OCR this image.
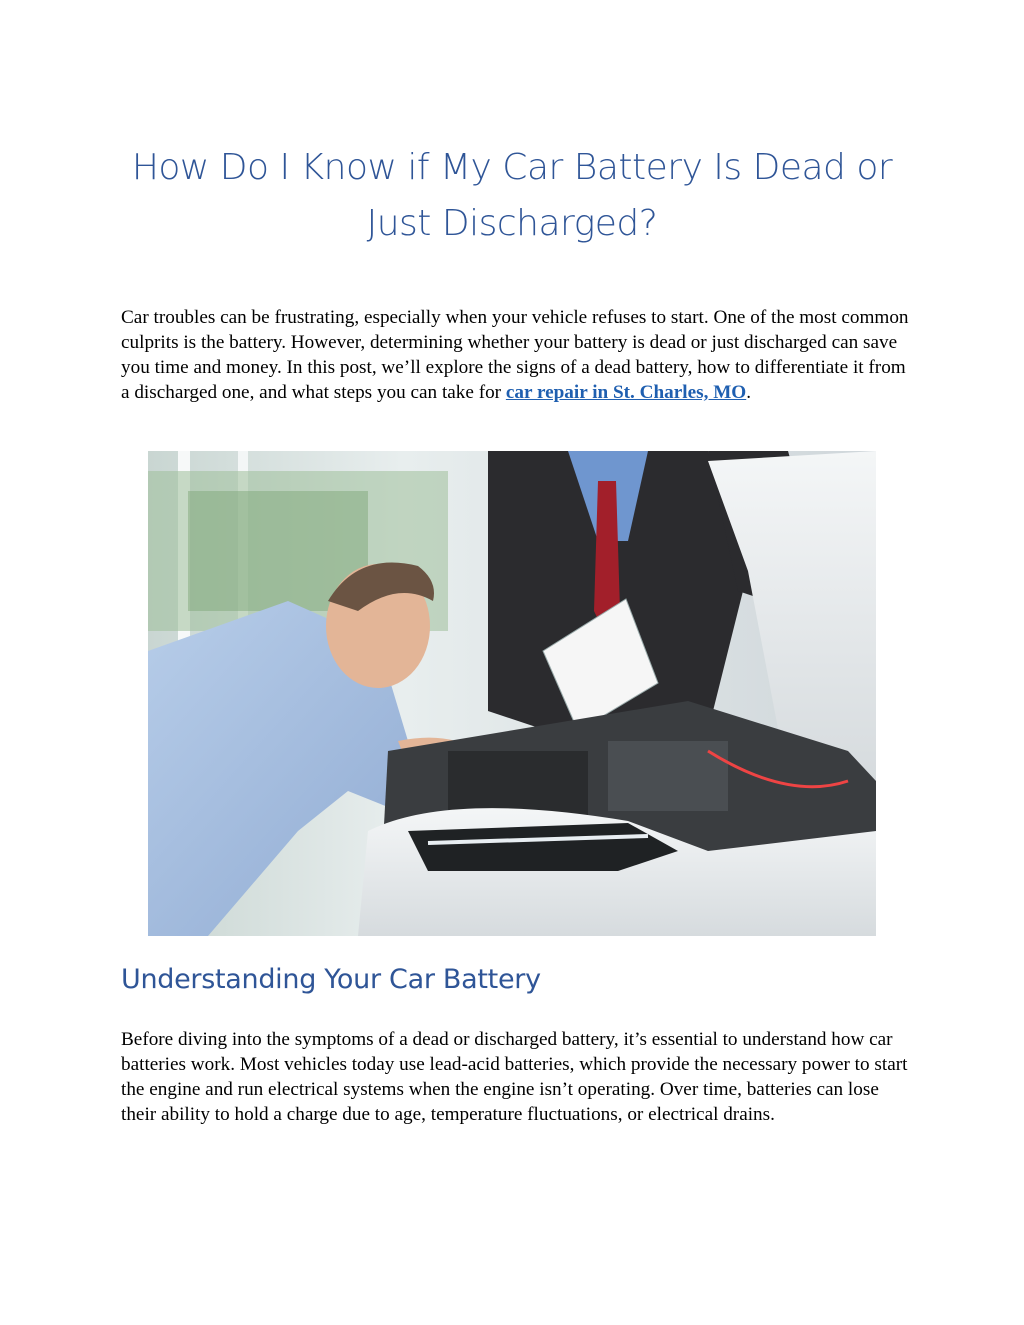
How Do I Know if My Car Battery Is Dead or Just Discharged?

Car troubles can be frustrating, especially when your vehicle refuses to start. One of the most common culprits is the battery. However, determining whether your battery is dead or just discharged can save you time and money. In this post, we’ll explore the signs of a dead battery, how to differentiate it from a discharged one, and what steps you can take for car repair in St. Charles, MO.

Understanding Your Car Battery

Before diving into the symptoms of a dead or discharged battery, it’s essential to understand how car batteries work. Most vehicles today use lead-acid batteries, which provide the necessary power to start the engine and run electrical systems when the engine isn’t operating. Over time, batteries can lose their ability to hold a charge due to age, temperature fluctuations, or electrical drains.
